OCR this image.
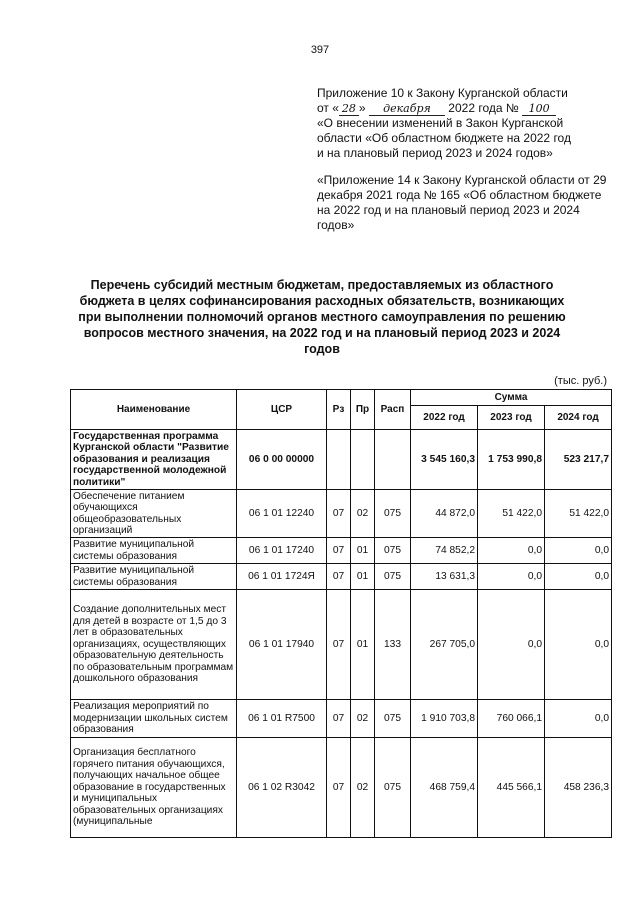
397

Приложение 10 к Закону Курганской области

от « 28 » декабря 2022 года № 100

«О внесении изменений в Закон Курганской

области «Об областном бюджете на 2022 год

и на плановый период 2023 и 2024 годов»

«Приложение 14 к Закону Курганской области от 29 декабря 2021 года № 165 «Об областном бюджете на 2022 год и на плановый период 2023 и 2024 годов»

Перечень субсидий местным бюджетам, предоставляемых из областного бюджета в целях софинансирования расходных обязательств, возникающих при выполнении полномочий органов местного самоуправления по решению вопросов местного значения, на 2022 год и на плановый период 2023 и 2024 годов

(тыс. руб.)
Наименование	ЦСР	Рз	Пр	Расп	Сумма		
					2022 год	2023 год	2024 год
Государственная программа Курганской области "Развитие образования и реализация государственной молодежной политики"	06 0 00 00000				3 545 160,3	1 753 990,8	523 217,7
Обеспечение питанием обучающихся общеобразовательных организаций	06 1 01 12240	07	02	075	44 872,0	51 422,0	51 422,0
Развитие муниципальной системы образования	06 1 01 17240	07	01	075	74 852,2	0,0	0,0
Развитие муниципальной системы образования	06 1 01 1724Я	07	01	075	13 631,3	0,0	0,0
Создание дополнительных мест для детей в возрасте от 1,5 до 3 лет в образовательных организациях, осуществляющих образовательную деятельность по образовательным программам дошкольного образования	06 1 01 17940	07	01	133	267 705,0	0,0	0,0
Реализация мероприятий по модернизации школьных систем образования	06 1 01 R7500	07	02	075	1 910 703,8	760 066,1	0,0
Организация бесплатного горячего питания обучающихся, получающих начальное общее образование в государственных и муниципальных образовательных организациях (муниципальные	06 1 02 R3042	07	02	075	468 759,4	445 566,1	458 236,3
